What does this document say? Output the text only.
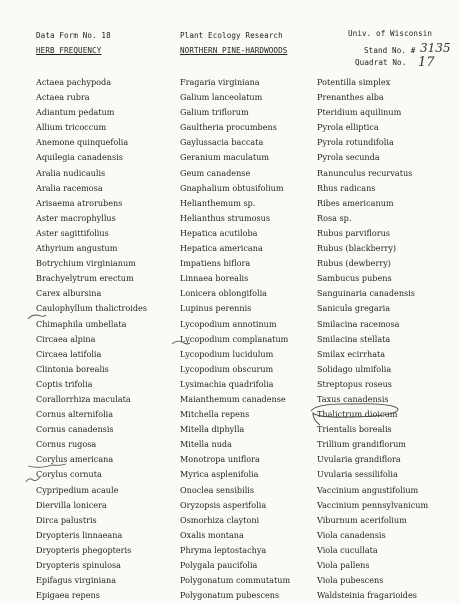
Data Form No. 18	Plant Ecology Research	Univ. of Wisconsin
HERB FREQUENCY	NORTHERN PINE-HARDWOODS	Stand No. # 3135
Quadrat No. 17
Actaea pachypoda
Actaea rubra
Adiantum pedatum
Allium tricoccum
Anemone quinquefolia
Aquilegia canadensis
Aralia nudicaulis
Aralia racemosa
Arisaema atrorubens
Aster macrophyllus
Aster sagittifolius
Athyrium angustum
Botrychium virginianum
Brachyelytrum erectum
Carex albursina
Caulophyllum thalictroides
Chimaphila umbellata
Circaea alpina
Circaea latifolia
Clintonia borealis
Coptis trifolia
Corallorrhiza maculata
Cornus alternifolia
Cornus canadensis
Cornus rugosa
Corylus americana
Corylus cornuta
Cypripedium acaule
Diervilla lonicera
Dirca palustris
Dryopteris linnaeana
Dryopteris phegopteris
Dryopteris spinulosa
Epifagus virginiana
Epigaea repens
Fragaria virginiana
Galium lanceolatum
Galium triflorum
Gaultheria procumbens
Gaylussacia baccata
Geranium maculatum
Geum canadense
Gnaphalium obtusifolium
Helianthemum sp.
Helianthus strumosus
Hepatica acutiloba
Hepatica americana
Impatiens biflora
Linnaea borealis
Lonicera oblongifolia
Lupinus perennis
Lycopodium annotinum
Lycopodium complanatum
Lycopodium lucidulum
Lycopodium obscurum
Lysimachia quadrifolia
Maianthemum canadense
Mitchella repens
Mitella diphylla
Mitella nuda
Monotropa uniflora
Myrica asplenifolia
Onoclea sensibilis
Oryzopsis asperifolia
Osmorhiza claytoni
Oxalis montana
Phryma leptostachya
Polygala paucifolia
Polygonatum commutatum
Polygonatum pubescens
Potentilla simplex
Prenanthes alba
Pteridium aquilinum
Pyrola elliptica
Pyrola rotundifolia
Pyrola secunda
Ranunculus recurvatus
Rhus radicans
Ribes americanum
Rosa sp.
Rubus parviflorus
Rubus (blackberry)
Rubus (dewberry)
Sambucus pubens
Sanguinaria canadensis
Sanicula gregaria
Smilacina racemosa
Smilacina stellata
Smilax ecirrhata
Solidago ulmifolia
Streptopus roseus
Taxus canadensis
Thalictrum dioicum
Trientalis borealis
Trillium grandiflorum
Uvularia grandiflora
Uvularia sessilifolia
Vaccinium angustifolium
Vaccinium pennsylvanicum
Viburnum acerifolium
Viola canadensis
Viola cucullata
Viola pallens
Viola pubescens
Waldsteinia fragarioides
